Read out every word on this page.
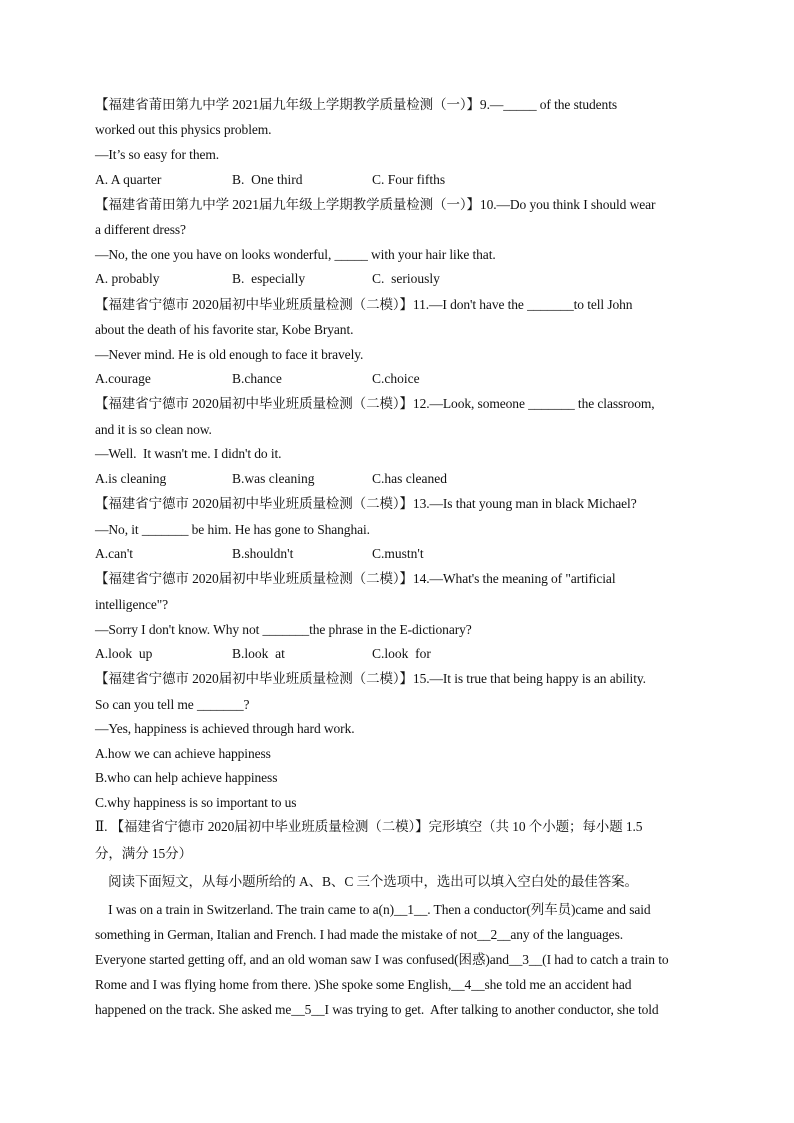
【福建省莆田第九中学 2021届九年级上学期教学质量检测（一）】9.—_____ of the students
worked out this physics problem.
—It’s so easy for them.
A. A quarter	B.  One third	C. Four fifths
【福建省莆田第九中学 2021届九年级上学期教学质量检测（一）】10.—Do you think I should wear
a different dress?
—No, the one you have on looks wonderful, _____ with your hair like that.
A. probably	B.  especially	C.  seriously
【福建省宁德市 2020届初中毕业班质量检测（二模）】11.—I don't have the _______to tell John
about the death of his favorite star, Kobe Bryant.
—Never mind. He is old enough to face it bravely.
A.courage	B.chance	C.choice
【福建省宁德市 2020届初中毕业班质量检测（二模）】12.—Look, someone _______ the classroom,
and it is so clean now.
—Well.  It wasn't me. I didn't do it.
A.is cleaning	B.was cleaning	C.has cleaned
【福建省宁德市 2020届初中毕业班质量检测（二模）】13.—Is that young man in black Michael?
—No, it _______ be him. He has gone to Shanghai.
A.can't	B.shouldn't	C.mustn't
【福建省宁德市 2020届初中毕业班质量检测（二模）】14.—What's the meaning of "artificial
intelligence"?
—Sorry I don't know. Why not _______the phrase in the E-dictionary?
A.look  up	B.look  at	C.look  for
【福建省宁德市 2020届初中毕业班质量检测（二模）】15.—It is true that being happy is an ability.
So can you tell me _______?
—Yes, happiness is achieved through hard work.
A.how we can achieve happiness
B.who can help achieve happiness
C.why happiness is so important to us
Ⅱ. 【福建省宁德市 2020届初中毕业班质量检测（二模）】完形填空（共 10 个小题；每小题 1.5
分，满分 15分）
阅读下面短文，从每小题所给的 A、B、C 三个选项中，选出可以填入空白处的最佳答案。
I was on a train in Switzerland. The train came to a(n)__1__. Then a conductor(列车员)came and said
something in German, Italian and French. I had made the mistake of not__2__any of the languages.
Everyone started getting off, and an old woman saw I was confused(困惑)and__3__(I had to catch a train to
Rome and I was flying home from there. )She spoke some English,__4__she told me an accident had
happened on the track. She asked me__5__I was trying to get.  After talking to another conductor, she told
